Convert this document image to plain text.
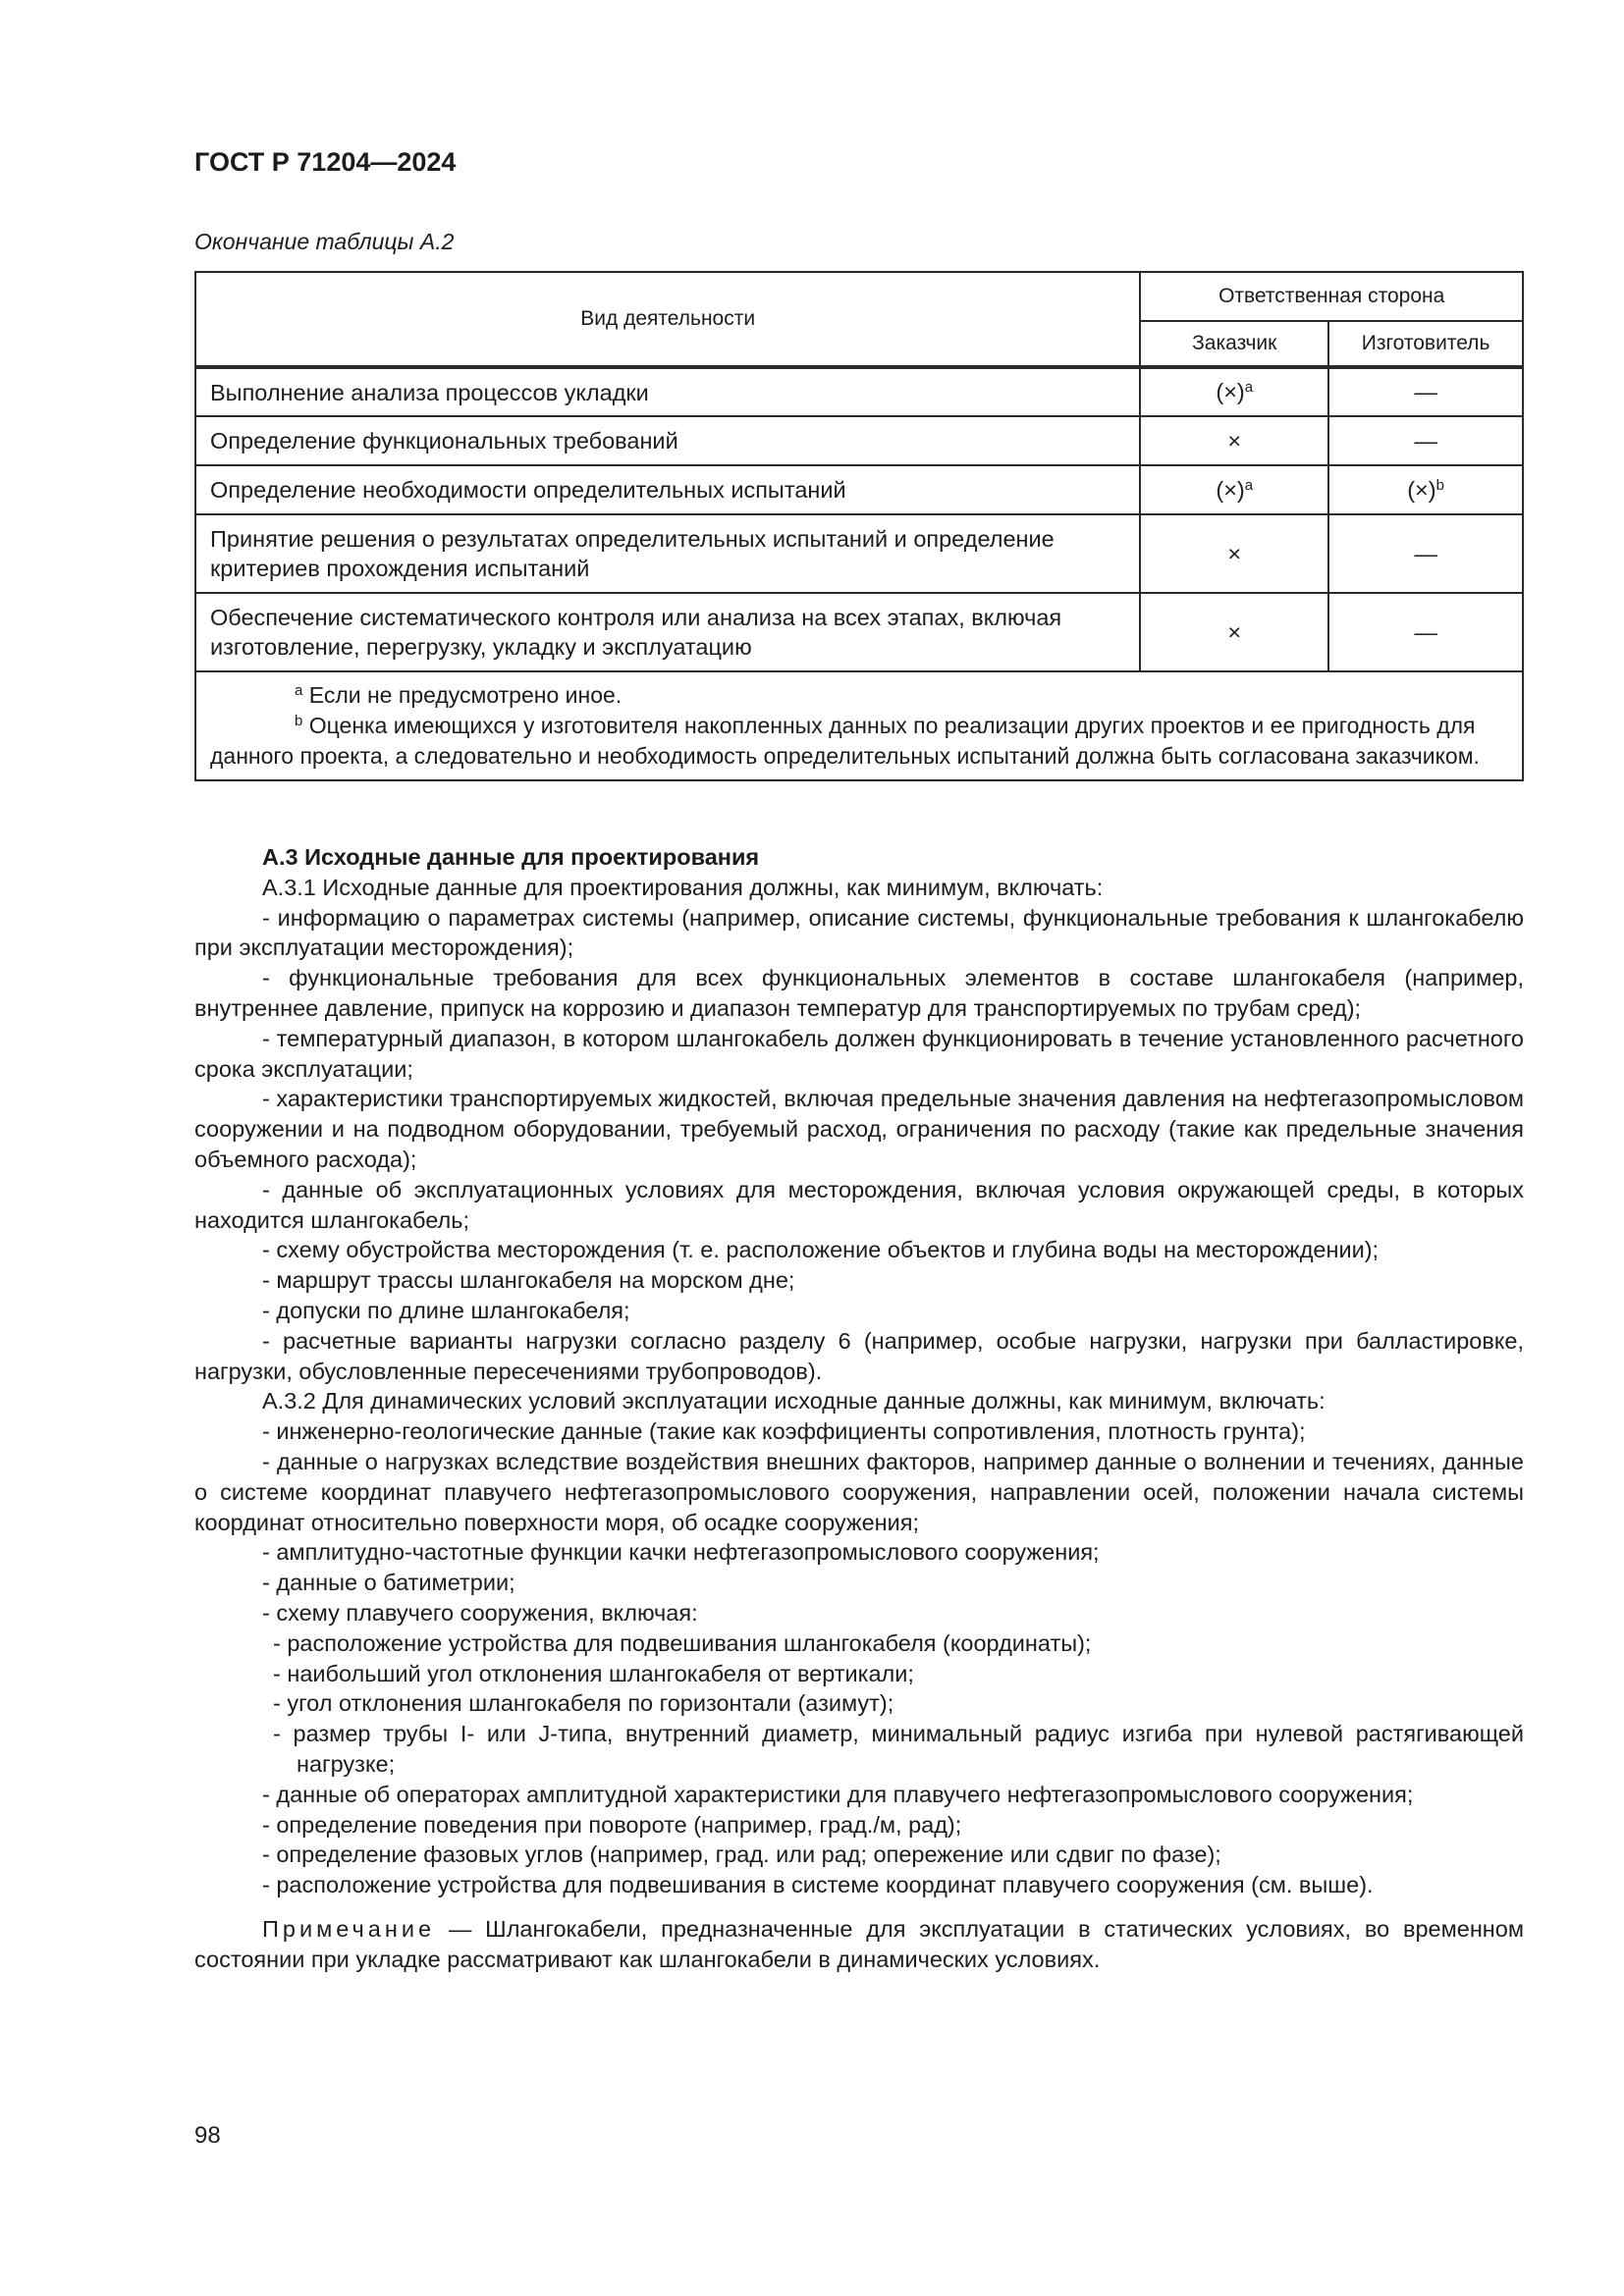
ГОСТ Р 71204—2024
Окончание таблицы А.2
Вид деятельности	Ответственная сторона	
	Заказчик	Изготовитель
Выполнение анализа процессов укладки	$(\times)^a$	—
Определение функциональных требований	×	—
Определение необходимости определительных испытаний	$(\times)^a$	$(\times)^b$
Принятие решения о результатах определительных испытаний и определение критериев прохождения испытаний	×	—
Обеспечение систематического контроля или анализа на всех этапах, включая изготовление, перегрузку, укладку и эксплуатацию	×	—

$^a$ Если не предусмотрено иное.
$^b$ Оценка имеющихся у изготовителя накопленных данных по реализации других проектов и ее пригодность для данного проекта, а следовательно и необходимость определительных испытаний должна быть согласована заказчиком.		

А.3 Исходные данные для проектирования

А.3.1 Исходные данные для проектирования должны, как минимум, включать:

- информацию о параметрах системы (например, описание системы, функциональные требования к шлангокабелю при эксплуатации месторождения);

- функциональные требования для всех функциональных элементов в составе шлангокабеля (например, внутреннее давление, припуск на коррозию и диапазон температур для транспортируемых по трубам сред);

- температурный диапазон, в котором шлангокабель должен функционировать в течение установленного расчетного срока эксплуатации;

- характеристики транспортируемых жидкостей, включая предельные значения давления на нефтегазопромысловом сооружении и на подводном оборудовании, требуемый расход, ограничения по расходу (такие как предельные значения объемного расхода);

- данные об эксплуатационных условиях для месторождения, включая условия окружающей среды, в которых находится шлангокабель;

- схему обустройства месторождения (т. е. расположение объектов и глубина воды на месторождении);

- маршрут трассы шлангокабеля на морском дне;

- допуски по длине шлангокабеля;

- расчетные варианты нагрузки согласно разделу 6 (например, особые нагрузки, нагрузки при балластировке, нагрузки, обусловленные пересечениями трубопроводов).

А.3.2 Для динамических условий эксплуатации исходные данные должны, как минимум, включать:

- инженерно-геологические данные (такие как коэффициенты сопротивления, плотность грунта);

- данные о нагрузках вследствие воздействия внешних факторов, например данные о волнении и течениях, данные о системе координат плавучего нефтегазопромыслового сооружения, направлении осей, положении начала системы координат относительно поверхности моря, об осадке сооружения;

- амплитудно-частотные функции качки нефтегазопромыслового сооружения;

- данные о батиметрии;

- схему плавучего сооружения, включая:

- расположение устройства для подвешивания шлангокабеля (координаты);

- наибольший угол отклонения шлангокабеля от вертикали;

- угол отклонения шлангокабеля по горизонтали (азимут);

- размер трубы I- или J-типа, внутренний диаметр, минимальный радиус изгиба при нулевой растягивающей нагрузке;

- данные об операторах амплитудной характеристики для плавучего нефтегазопромыслового сооружения;

- определение поведения при повороте (например, град./м, рад);

- определение фазовых углов (например, град. или рад; опережение или сдвиг по фазе);

- расположение устройства для подвешивания в системе координат плавучего сооружения (см. выше).

Примечание — Шлангокабели, предназначенные для эксплуатации в статических условиях, во временном состоянии при укладке рассматривают как шлангокабели в динамических условиях.

98
